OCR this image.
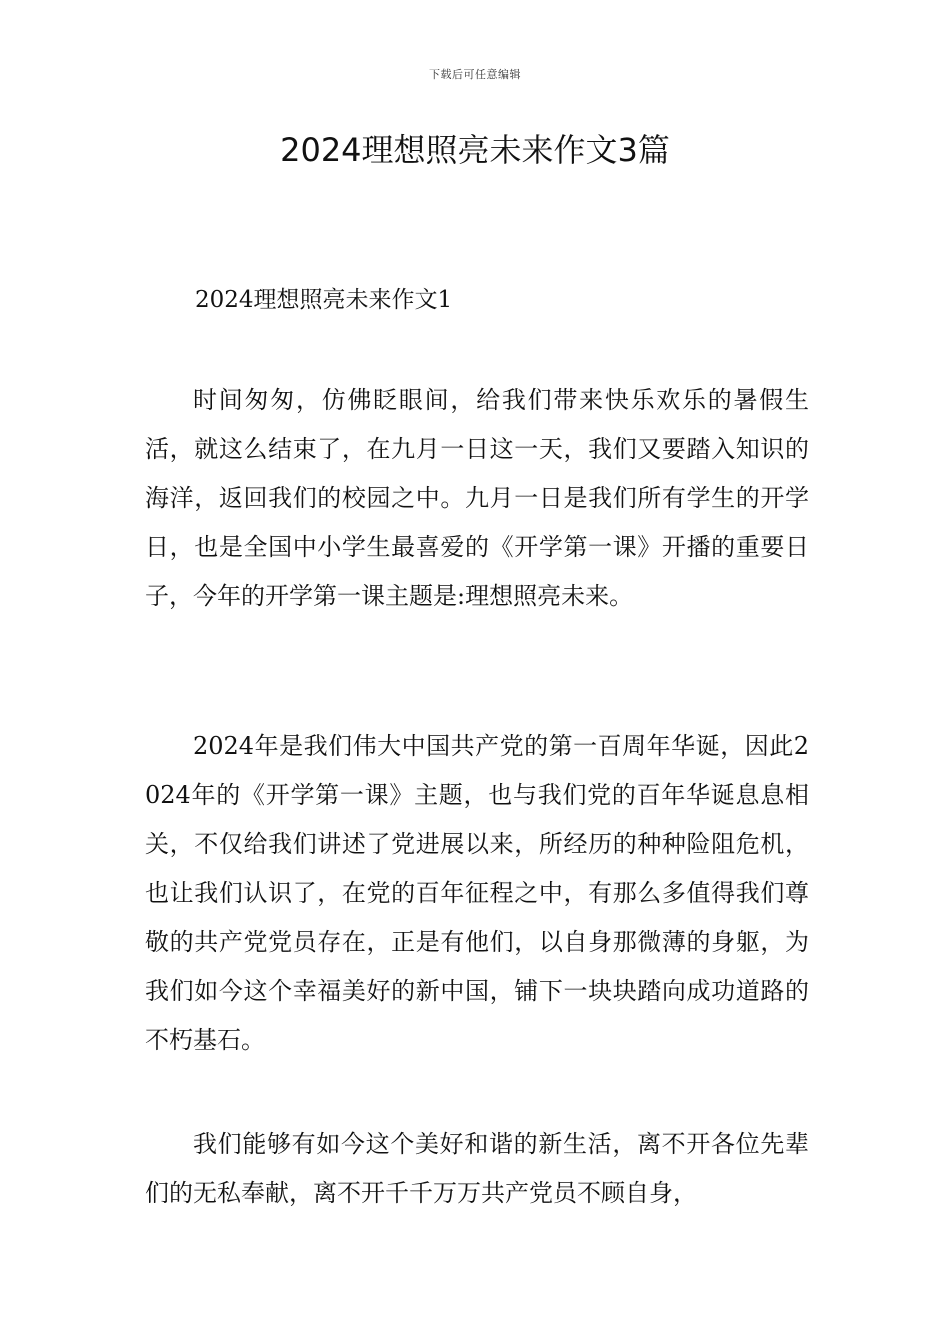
下载后可任意编辑
2024理想照亮未来作文3篇
2024理想照亮未来作文1

时间匆匆，仿佛眨眼间，给我们带来快乐欢乐的暑假生活，就这么结束了，在九月一日这一天，我们又要踏入知识的海洋，返回我们的校园之中。九月一日是我们所有学生的开学日，也是全国中小学生最喜爱的《开学第一课》开播的重要日子，今年的开学第一课主题是:理想照亮未来。

2024年是我们伟大中国共产党的第一百周年华诞，因此2024年的《开学第一课》主题，也与我们党的百年华诞息息相关，不仅给我们讲述了党进展以来，所经历的种种险阻危机，也让我们认识了，在党的百年征程之中，有那么多值得我们尊敬的共产党党员存在，正是有他们，以自身那微薄的身躯，为我们如今这个幸福美好的新中国，铺下一块块踏向成功道路的不朽基石。

我们能够有如今这个美好和谐的新生活，离不开各位先辈们的无私奉献，离不开千千万万共产党员不顾自身，
